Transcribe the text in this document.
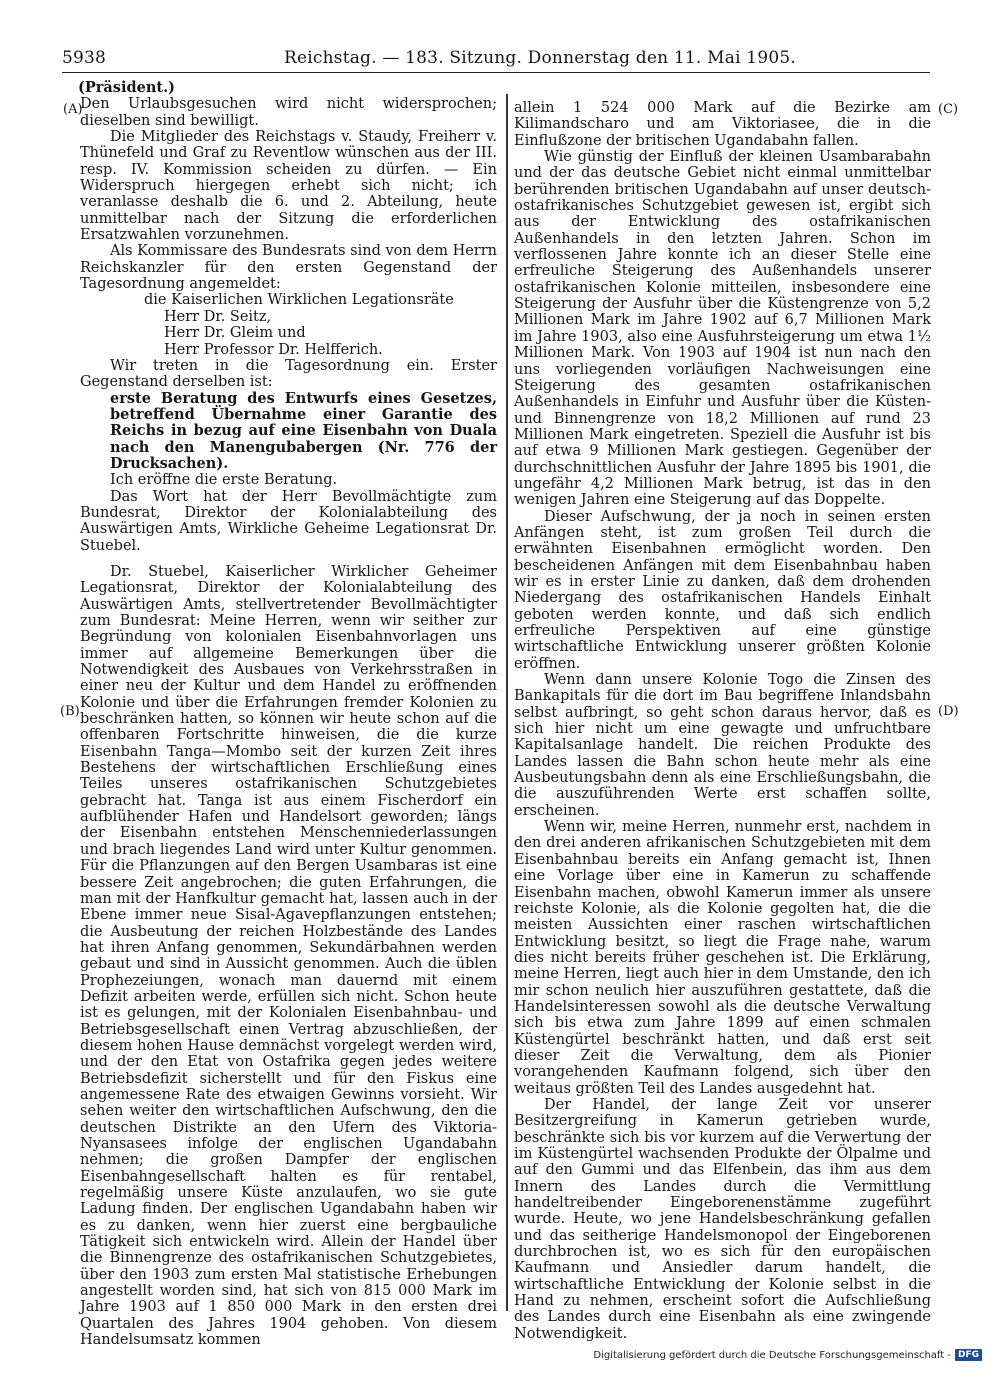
5938	Reichstag. — 183. Sitzung. Donnerstag den 11. Mai 1905.
(A)
(B)
(C)
(D)

(Präsident.)

Den Urlaubsgesuchen wird nicht widersprochen; dieselben sind bewilligt.

Die Mitglieder des Reichstags v. Staudy, Freiherr v. Thünefeld und Graf zu Reventlow wünschen aus der III. resp. IV. Kommission scheiden zu dürfen. — Ein Widerspruch hiergegen erhebt sich nicht; ich veranlasse deshalb die 6. und 2. Abteilung, heute unmittelbar nach der Sitzung die erforderlichen Ersatzwahlen vorzunehmen.

Als Kommissare des Bundesrats sind von dem Herrn Reichskanzler für den ersten Gegenstand der Tagesordnung angemeldet:

die Kaiserlichen Wirklichen Legationsräte

Herr Dr. Seitz,

Herr Dr. Gleim und

Herr Professor Dr. Helfferich.

Wir treten in die Tagesordnung ein. Erster Gegenstand derselben ist:

erste Beratung des Entwurfs eines Gesetzes, betreffend Übernahme einer Garantie des Reichs in bezug auf eine Eisenbahn von Duala nach den Manengubabergen (Nr. 776 der Drucksachen).

Ich eröffne die erste Beratung.

Das Wort hat der Herr Bevollmächtigte zum Bundesrat, Direktor der Kolonialabteilung des Auswärtigen Amts, Wirkliche Geheime Legationsrat Dr. Stuebel.

Dr. Stuebel, Kaiserlicher Wirklicher Geheimer Legationsrat, Direktor der Kolonialabteilung des Auswärtigen Amts, stellvertretender Bevollmächtigter zum Bundesrat: Meine Herren, wenn wir seither zur Begründung von kolonialen Eisenbahnvorlagen uns immer auf allgemeine Bemerkungen über die Notwendigkeit des Ausbaues von Verkehrsstraßen in einer neu der Kultur und dem Handel zu eröffnenden Kolonie und über die Erfahrungen fremder Kolonien zu beschränken hatten, so können wir heute schon auf die offenbaren Fortschritte hinweisen, die die kurze Eisenbahn Tanga—Mombo seit der kurzen Zeit ihres Bestehens der wirtschaftlichen Erschließung eines Teiles unseres ostafrikanischen Schutzgebietes gebracht hat. Tanga ist aus einem Fischerdorf ein aufblühender Hafen und Handelsort geworden; längs der Eisenbahn entstehen Menschenniederlassungen und brach liegendes Land wird unter Kultur genommen. Für die Pflanzungen auf den Bergen Usambaras ist eine bessere Zeit angebrochen; die guten Erfahrungen, die man mit der Hanfkultur gemacht hat, lassen auch in der Ebene immer neue Sisal-Agavepflanzungen entstehen; die Ausbeutung der reichen Holzbestände des Landes hat ihren Anfang genommen, Sekundärbahnen werden gebaut und sind in Aussicht genommen. Auch die üblen Prophezeiungen, wonach man dauernd mit einem Defizit arbeiten werde, erfüllen sich nicht. Schon heute ist es gelungen, mit der Kolonialen Eisenbahnbau- und Betriebsgesellschaft einen Vertrag abzuschließen, der diesem hohen Hause demnächst vorgelegt werden wird, und der den Etat von Ostafrika gegen jedes weitere Betriebsdefizit sicherstellt und für den Fiskus eine angemessene Rate des etwaigen Gewinns vorsieht. Wir sehen weiter den wirtschaftlichen Aufschwung, den die deutschen Distrikte an den Ufern des Viktoria-Nyansasees infolge der englischen Ugandabahn nehmen; die großen Dampfer der englischen Eisenbahngesellschaft halten es für rentabel, regelmäßig unsere Küste anzulaufen, wo sie gute Ladung finden. Der englischen Ugandabahn haben wir es zu danken, wenn hier zuerst eine bergbauliche Tätigkeit sich entwickeln wird. Allein der Handel über die Binnengrenze des ostafrikanischen Schutzgebietes, über den 1903 zum ersten Mal statistische Erhebungen angestellt worden sind, hat sich von 815 000 Mark im Jahre 1903 auf 1 850 000 Mark in den ersten drei Quartalen des Jahres 1904 gehoben. Von diesem Handelsumsatz kommen

allein 1 524 000 Mark auf die Bezirke am Kilimandscharo und am Viktoriasee, die in die Einflußzone der britischen Ugandabahn fallen.

Wie günstig der Einfluß der kleinen Usambarabahn und der das deutsche Gebiet nicht einmal unmittelbar berührenden britischen Ugandabahn auf unser deutsch-ostafrikanisches Schutzgebiet gewesen ist, ergibt sich aus der Entwicklung des ostafrikanischen Außenhandels in den letzten Jahren. Schon im verflossenen Jahre konnte ich an dieser Stelle eine erfreuliche Steigerung des Außenhandels unserer ostafrikanischen Kolonie mitteilen, insbesondere eine Steigerung der Ausfuhr über die Küstengrenze von 5,2 Millionen Mark im Jahre 1902 auf 6,7 Millionen Mark im Jahre 1903, also eine Ausfuhrsteigerung um etwa 1½ Millionen Mark. Von 1903 auf 1904 ist nun nach den uns vorliegenden vorläufigen Nachweisungen eine Steigerung des gesamten ostafrikanischen Außenhandels in Einfuhr und Ausfuhr über die Küsten- und Binnengrenze von 18,2 Millionen auf rund 23 Millionen Mark eingetreten. Speziell die Ausfuhr ist bis auf etwa 9 Millionen Mark gestiegen. Gegenüber der durchschnittlichen Ausfuhr der Jahre 1895 bis 1901, die ungefähr 4,2 Millionen Mark betrug, ist das in den wenigen Jahren eine Steigerung auf das Doppelte.

Dieser Aufschwung, der ja noch in seinen ersten Anfängen steht, ist zum großen Teil durch die erwähnten Eisenbahnen ermöglicht worden. Den bescheidenen Anfängen mit dem Eisenbahnbau haben wir es in erster Linie zu danken, daß dem drohenden Niedergang des ostafrikanischen Handels Einhalt geboten werden konnte, und daß sich endlich erfreuliche Perspektiven auf eine günstige wirtschaftliche Entwicklung unserer größten Kolonie eröffnen.

Wenn dann unsere Kolonie Togo die Zinsen des Bankapitals für die dort im Bau begriffene Inlandsbahn selbst aufbringt, so geht schon daraus hervor, daß es sich hier nicht um eine gewagte und unfruchtbare Kapitalsanlage handelt. Die reichen Produkte des Landes lassen die Bahn schon heute mehr als eine Ausbeutungsbahn denn als eine Erschließungsbahn, die die auszuführenden Werte erst schaffen sollte, erscheinen.

Wenn wir, meine Herren, nunmehr erst, nachdem in den drei anderen afrikanischen Schutzgebieten mit dem Eisenbahnbau bereits ein Anfang gemacht ist, Ihnen eine Vorlage über eine in Kamerun zu schaffende Eisenbahn machen, obwohl Kamerun immer als unsere reichste Kolonie, als die Kolonie gegolten hat, die die meisten Aussichten einer raschen wirtschaftlichen Entwicklung besitzt, so liegt die Frage nahe, warum dies nicht bereits früher geschehen ist. Die Erklärung, meine Herren, liegt auch hier in dem Umstande, den ich mir schon neulich hier auszuführen gestattete, daß die Handelsinteressen sowohl als die deutsche Verwaltung sich bis etwa zum Jahre 1899 auf einen schmalen Küstengürtel beschränkt hatten, und daß erst seit dieser Zeit die Verwaltung, dem als Pionier vorangehenden Kaufmann folgend, sich über den weitaus größten Teil des Landes ausgedehnt hat.

Der Handel, der lange Zeit vor unserer Besitzergreifung in Kamerun getrieben wurde, beschränkte sich bis vor kurzem auf die Verwertung der im Küstengürtel wachsenden Produkte der Ölpalme und auf den Gummi und das Elfenbein, das ihm aus dem Innern des Landes durch die Vermittlung handeltreibender Eingeborenenstämme zugeführt wurde. Heute, wo jene Handelsbeschränkung gefallen und das seitherige Handelsmonopol der Eingeborenen durchbrochen ist, wo es sich für den europäischen Kaufmann und Ansiedler darum handelt, die wirtschaftliche Entwicklung der Kolonie selbst in die Hand zu nehmen, erscheint sofort die Aufschließung des Landes durch eine Eisenbahn als eine zwingende Notwendigkeit.

Digitalisierung gefördert durch die Deutsche Forschungsgemeinschaft - DFG
